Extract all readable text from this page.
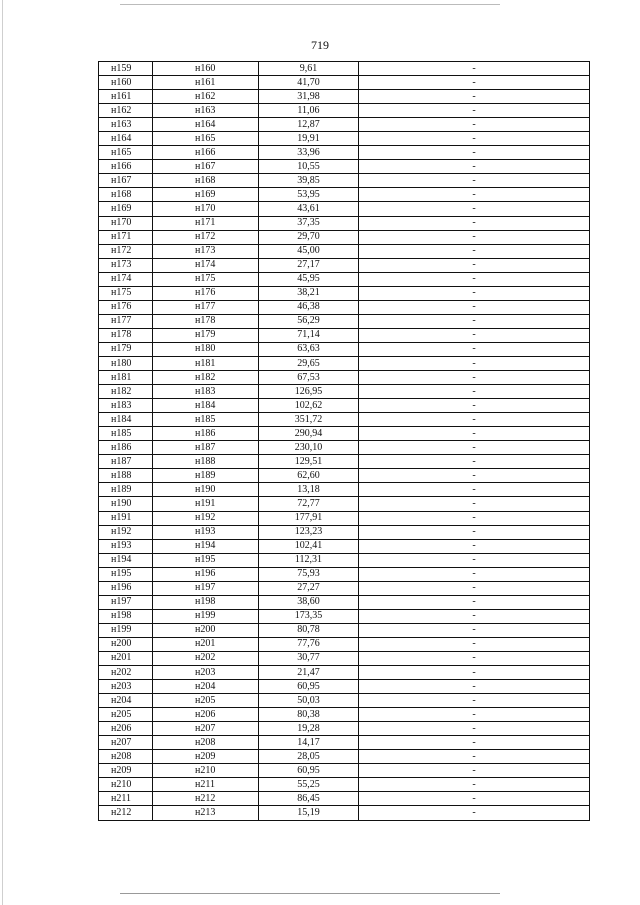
719
н159	н160	9,61	-
н160	н161	41,70	-
н161	н162	31,98	-
н162	н163	11,06	-
н163	н164	12,87	-
н164	н165	19,91	-
н165	н166	33,96	-
н166	н167	10,55	-
н167	н168	39,85	-
н168	н169	53,95	-
н169	н170	43,61	-
н170	н171	37,35	-
н171	н172	29,70	-
н172	н173	45,00	-
н173	н174	27,17	-
н174	н175	45,95	-
н175	н176	38,21	-
н176	н177	46,38	-
н177	н178	56,29	-
н178	н179	71,14	-
н179	н180	63,63	-
н180	н181	29,65	-
н181	н182	67,53	-
н182	н183	126,95	-
н183	н184	102,62	-
н184	н185	351,72	-
н185	н186	290,94	-
н186	н187	230,10	-
н187	н188	129,51	-
н188	н189	62,60	-
н189	н190	13,18	-
н190	н191	72,77	-
н191	н192	177,91	-
н192	н193	123,23	-
н193	н194	102,41	-
н194	н195	112,31	-
н195	н196	75,93	-
н196	н197	27,27	-
н197	н198	38,60	-
н198	н199	173,35	-
н199	н200	80,78	-
н200	н201	77,76	-
н201	н202	30,77	-
н202	н203	21,47	-
н203	н204	60,95	-
н204	н205	50,03	-
н205	н206	80,38	-
н206	н207	19,28	-
н207	н208	14,17	-
н208	н209	28,05	-
н209	н210	60,95	-
н210	н211	55,25	-
н211	н212	86,45	-
н212	н213	15,19	-
